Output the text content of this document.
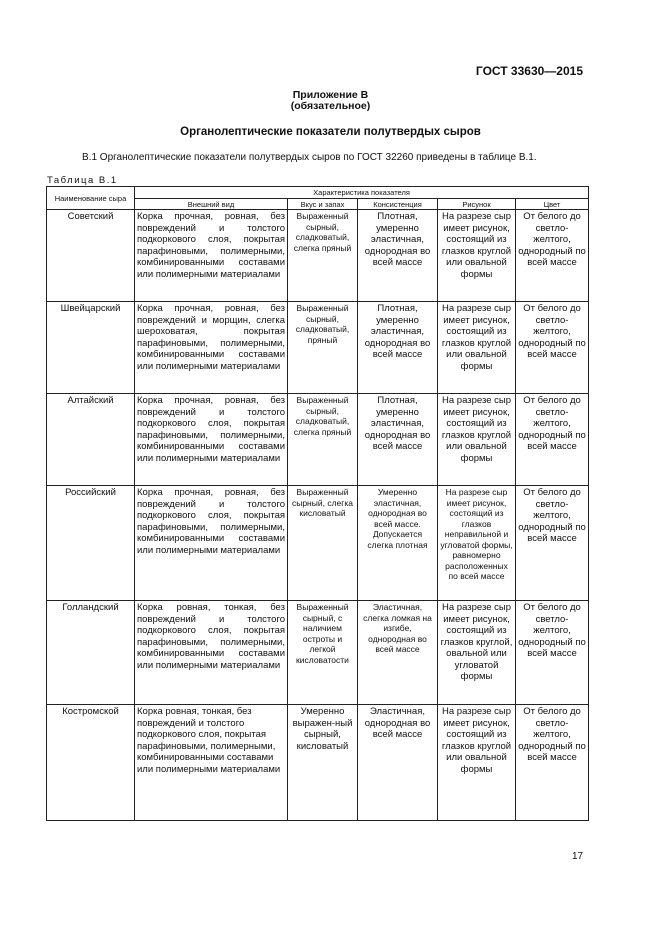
ГОСТ 33630—2015
Приложение В
(обязательное)
Органолептические показатели полутвердых сыров
В.1 Органолептические показатели полутвердых сыров по ГОСТ 32260 приведены в таблице В.1.
Таблица В.1
Наименование сыра	Характеристика показателя				
	Внешний вид	Вкус и запах	Консистенция	Рисунок	Цвет
Советский	Корка прочная, ровная, без повреждений и толстого подкоркового слоя, покрытая парафиновыми, полимерными, комбинированными составами или полимерными материалами	Выраженный сырный, сладковатый, слегка пряный	Плотная, умеренно эластичная, однородная во всей массе	На разрезе сыр имеет рисунок, состоящий из глазков круглой или овальной формы	От белого до светло-желтого, однородный по всей массе
Швейцарский	Корка прочная, ровная, без повреждений и морщин, слегка шероховатая, покрытая парафиновыми, полимерными, комбинированными составами или полимерными материалами	Выраженный сырный, сладковатый, пряный	Плотная, умеренно эластичная, однородная во всей массе	На разрезе сыр имеет рисунок, состоящий из глазков круглой или овальной формы	От белого до светло-желтого, однородный по всей массе
Алтайский	Корка прочная, ровная, без повреждений и толстого подкоркового слоя, покрытая парафиновыми, полимерными, комбинированными составами или полимерными материалами	Выраженный сырный, сладковатый, слегка пряный	Плотная, умеренно эластичная, однородная во всей массе	На разрезе сыр имеет рисунок, состоящий из глазков круглой или овальной формы	От белого до светло-желтого, однородный по всей массе
Российский	Корка прочная, ровная, без повреждений и толстого подкоркового слоя, покрытая парафиновыми, полимерными, комбинированными составами или полимерными материалами	Выраженный сырный, слегка кисловатый	Умеренно эластичная, однородная во всей массе. Допускается слегка плотная	На разрезе сыр имеет рисунок, состоящий из глазков неправильной и угловатой формы, равномерно расположенных по всей массе	От белого до светло-желтого, однородный по всей массе
Голландский	Корка ровная, тонкая, без повреждений и толстого подкоркового слоя, покрытая парафиновыми, полимерными, комбинированными составами или полимерными материалами	Выраженный сырный, с наличием остроты и легкой кисловатости	Эластичная, слегка ломкая на изгибе, однородная во всей массе	На разрезе сыр имеет рисунок, состоящий из глазков круглой, овальной или угловатой формы	От белого до светло-желтого, однородный по всей массе
Костромской	Корка ровная, тонкая, без повреждений и толстого подкоркового слоя, покрытая парафиновыми, полимерными, комбинированными составами или полимерными материалами	Умеренно выражен-ный сырный, кисловатый	Эластичная, однородная во всей массе	На разрезе сыр имеет рисунок, состоящий из глазков круглой или овальной формы	От белого до светло-желтого, однородный по всей массе
17
